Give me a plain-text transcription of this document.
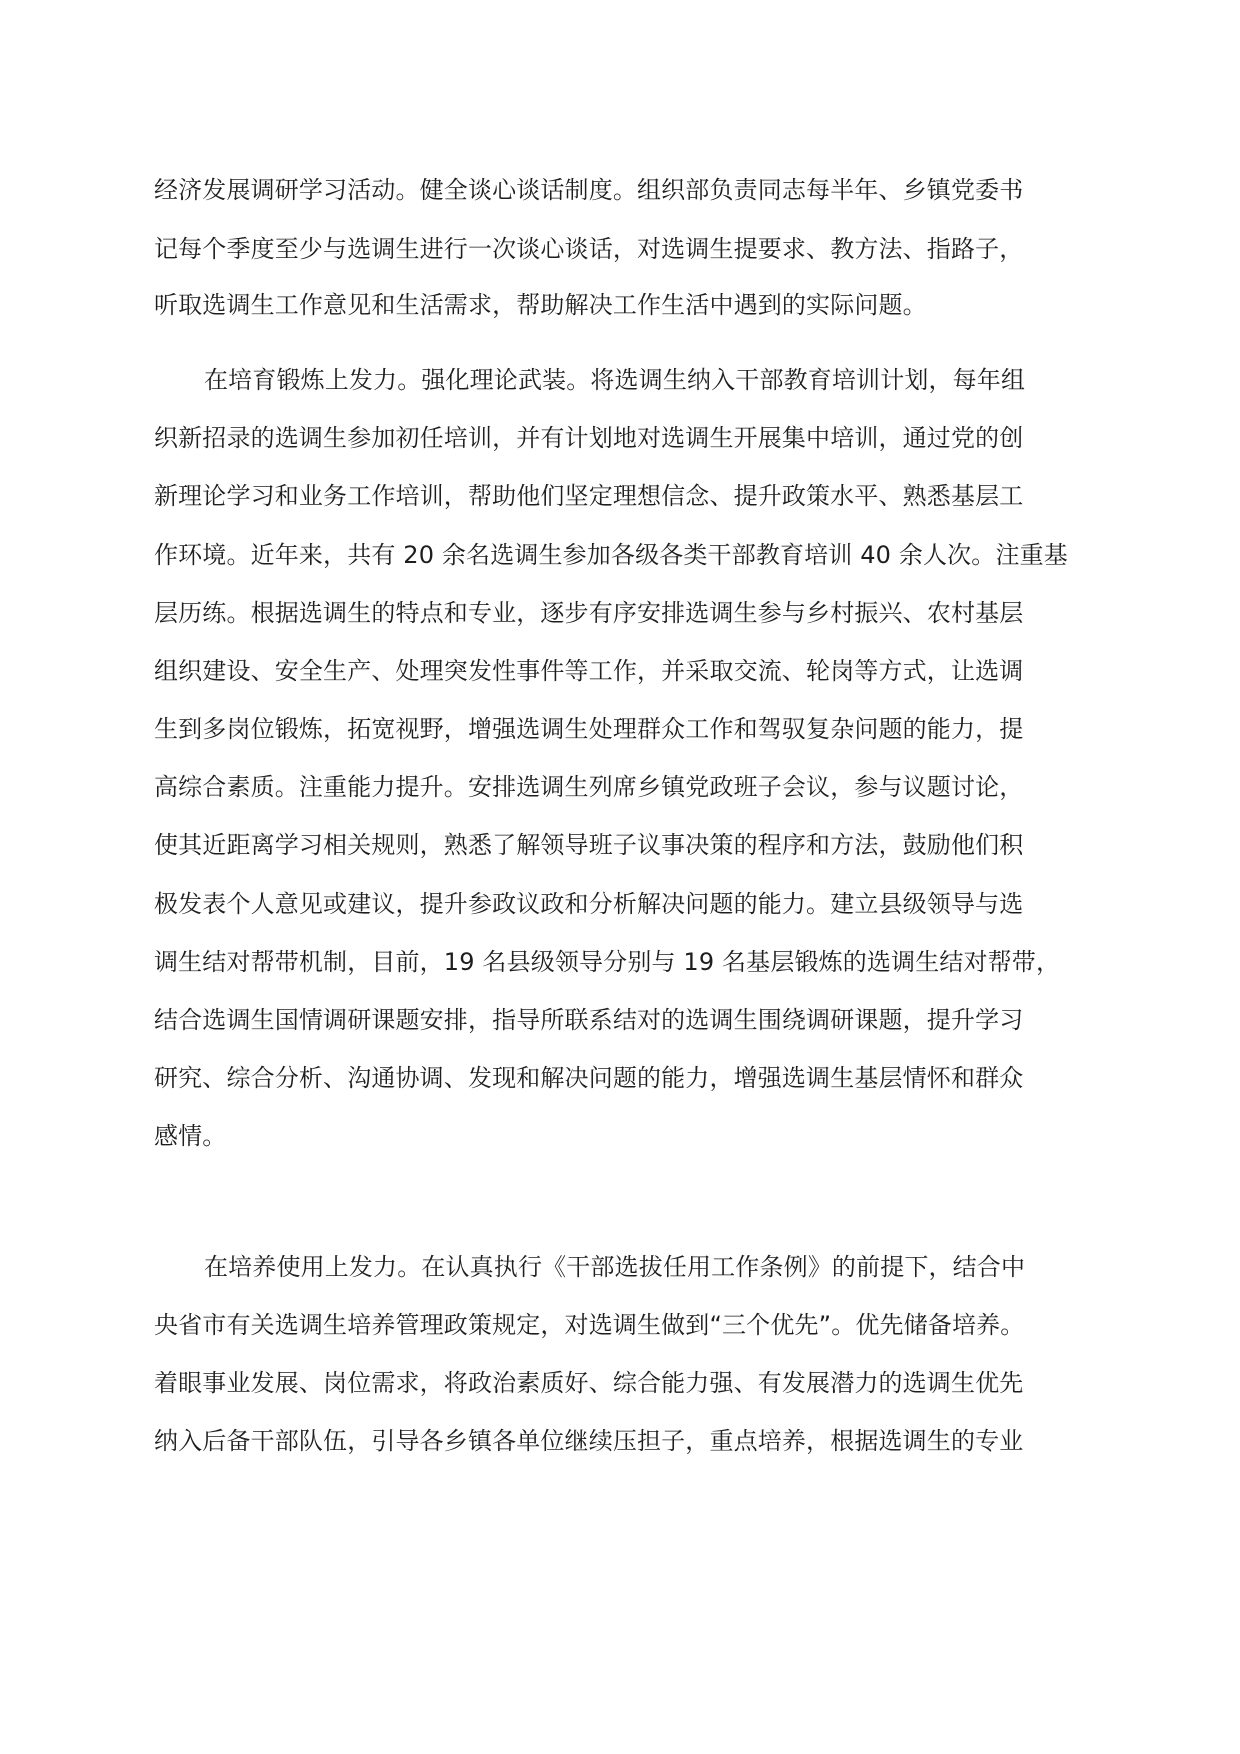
经济发展调研学习活动。健全谈心谈话制度。组织部负责同志每半年、乡镇党委书
记每个季度至少与选调生进行一次谈心谈话，对选调生提要求、教方法、指路子，
听取选调生工作意见和生活需求，帮助解决工作生活中遇到的实际问题。
在培育锻炼上发力。强化理论武装。将选调生纳入干部教育培训计划，每年组
织新招录的选调生参加初任培训，并有计划地对选调生开展集中培训，通过党的创
新理论学习和业务工作培训，帮助他们坚定理想信念、提升政策水平、熟悉基层工
作环境。近年来，共有 20 余名选调生参加各级各类干部教育培训 40 余人次。注重基
层历练。根据选调生的特点和专业，逐步有序安排选调生参与乡村振兴、农村基层
组织建设、安全生产、处理突发性事件等工作，并采取交流、轮岗等方式，让选调
生到多岗位锻炼，拓宽视野，增强选调生处理群众工作和驾驭复杂问题的能力，提
高综合素质。注重能力提升。安排选调生列席乡镇党政班子会议，参与议题讨论，
使其近距离学习相关规则，熟悉了解领导班子议事决策的程序和方法，鼓励他们积
极发表个人意见或建议，提升参政议政和分析解决问题的能力。建立县级领导与选
调生结对帮带机制，目前，19 名县级领导分别与 19 名基层锻炼的选调生结对帮带，
结合选调生国情调研课题安排，指导所联系结对的选调生围绕调研课题，提升学习
研究、综合分析、沟通协调、发现和解决问题的能力，增强选调生基层情怀和群众
感情。
在培养使用上发力。在认真执行《干部选拔任用工作条例》的前提下，结合中
央省市有关选调生培养管理政策规定，对选调生做到“三个优先”。优先储备培养。
着眼事业发展、岗位需求，将政治素质好、综合能力强、有发展潜力的选调生优先
纳入后备干部队伍，引导各乡镇各单位继续压担子，重点培养，根据选调生的专业
